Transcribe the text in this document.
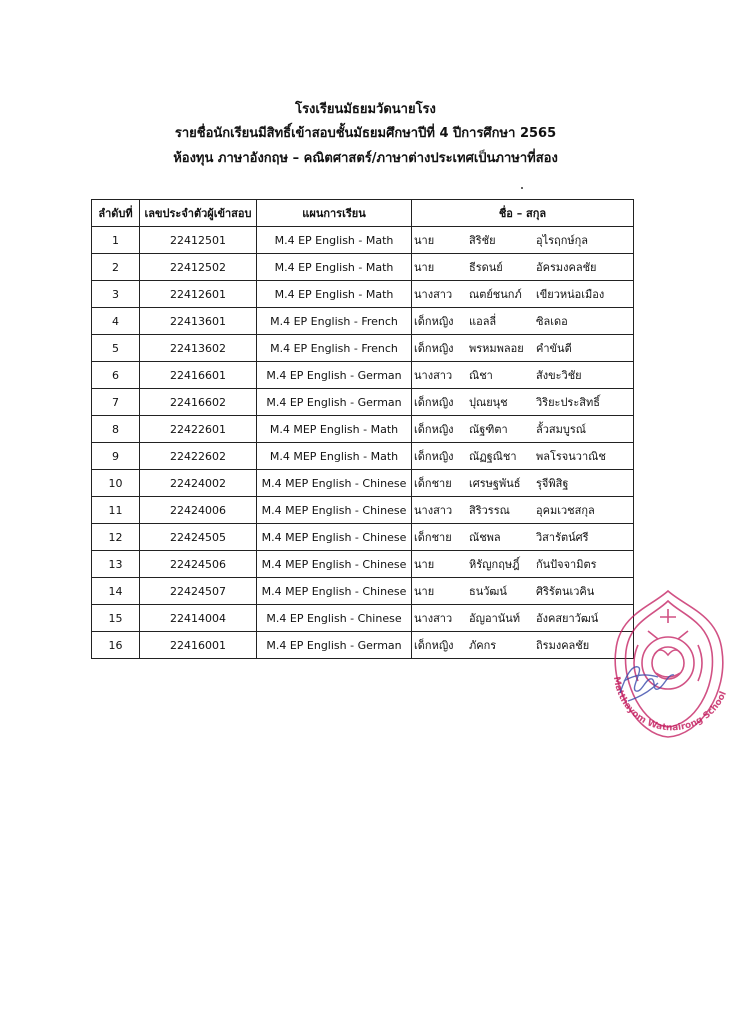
โรงเรียนมัธยมวัดนายโรง
รายชื่อนักเรียนมีสิทธิ์เข้าสอบชั้นมัธยมศึกษาปีที่ 4 ปีการศึกษา 2565
ห้องทุน ภาษาอังกฤษ – คณิตศาสตร์/ภาษาต่างประเทศเป็นภาษาที่สอง
ลำดับที่	เลขประจำตัวผู้เข้าสอบ	แผนการเรียน	ชื่อ – สกุล
1	22412501	M.4 EP English - Math	นาย สิริชัย อุไรฤกษ์กุล

2	22412502	M.4 EP English - Math	นาย ธีรดนย์ อัครมงคลชัย

3	22412601	M.4 EP English - Math	นางสาว ณตย์ชนกภ์ เขียวหน่อเมือง

4	22413601	M.4 EP English - French	เด็กหญิง แอลลี่ ซิลเดอ

5	22413602	M.4 EP English - French	เด็กหญิง พรหมพลอย คำขันตี

6	22416601	M.4 EP English - German	นางสาว ณิชา สังขะวิชัย

7	22416602	M.4 EP English - German	เด็กหญิง ปุณยนุช วิริยะประสิทธิ์

8	22422601	M.4 MEP English - Math	เด็กหญิง ณัฐฑิตา ลั้วสมบูรณ์

9	22422602	M.4 MEP English - Math	เด็กหญิง ณัฏฐณิชา พลโรจนวาณิช

10	22424002	M.4 MEP English - Chinese	เด็กชาย เศรษฐพันธ์ รุจีพิสิฐ

11	22424006	M.4 MEP English - Chinese	นางสาว สิริวรรณ อุคมเวชสกุล

12	22424505	M.4 MEP English - Chinese	เด็กชาย ณัชพล วิสารัตน์ศรี

13	22424506	M.4 MEP English - Chinese	นาย หิรัญกฤษฎิ์ กันปัจจามิตร

14	22424507	M.4 MEP English - Chinese	นาย ธนวัฒน์ ศิริรัตนเวคิน

15	22414004	M.4 EP English - Chinese	นางสาว อัญอานันท์ อังคสยาวัฒน์

16	22416001	M.4 EP English - German	เด็กหญิง ภัคกร ถิรมงคลชัย
Matthayom Watnairong School
